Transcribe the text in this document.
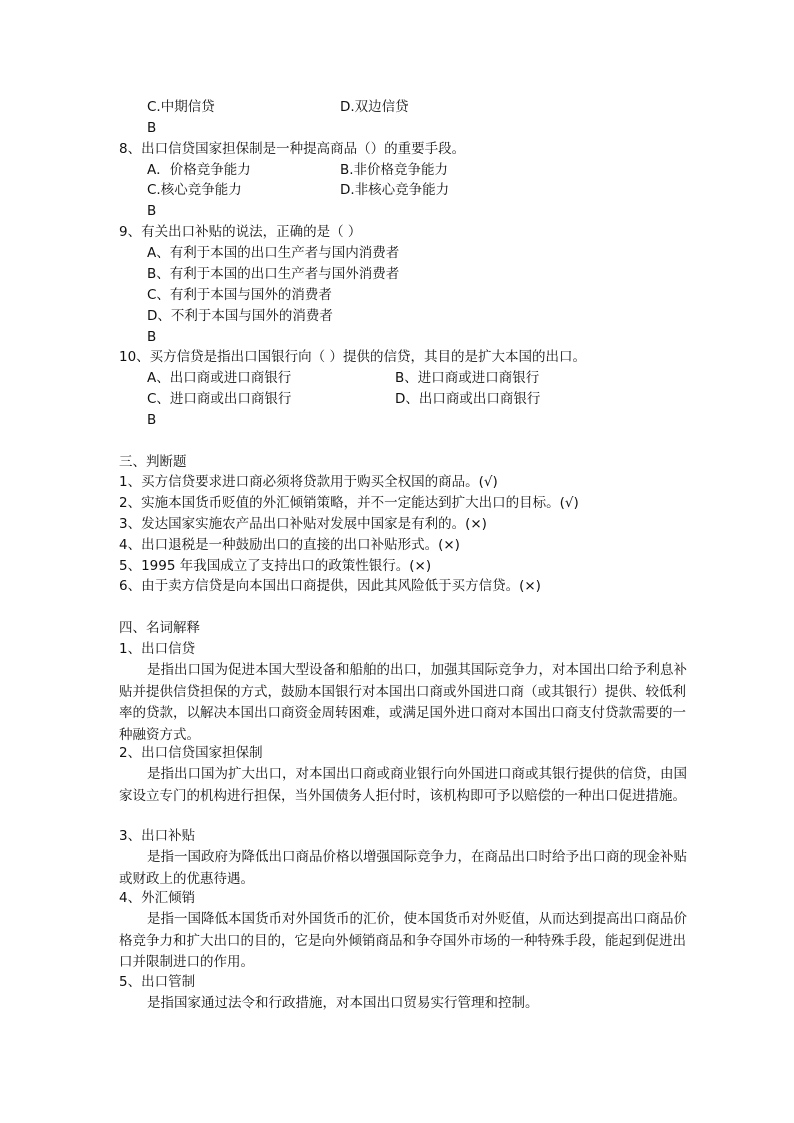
C.中期信贷	D.双边信贷
B
8、出口信贷国家担保制是一种提高商品（）的重要手段。
A．价格竞争能力	B.非价格竞争能力
C.核心竞争能力	D.非核心竞争能力
B
9、有关出口补贴的说法，正确的是（ ）
A、有利于本国的出口生产者与国内消费者
B、有利于本国的出口生产者与国外消费者
C、有利于本国与国外的消费者
D、不利于本国与国外的消费者
B
10、买方信贷是指出口国银行向（ ）提供的信贷，其目的是扩大本国的出口。
A、出口商或进口商银行	B、进口商或进口商银行
C、进口商或出口商银行	D、出口商或出口商银行
B
三、判断题
1、买方信贷要求进口商必须将贷款用于购买全权国的商品。(√)
2、实施本国货币贬值的外汇倾销策略，并不一定能达到扩大出口的目标。(√)
3、发达国家实施农产品出口补贴对发展中国家是有利的。(×)
4、出口退税是一种鼓励出口的直接的出口补贴形式。(×)
5、1995 年我国成立了支持出口的政策性银行。(×)
6、由于卖方信贷是向本国出口商提供，因此其风险低于买方信贷。(×)
四、名词解释
1、出口信贷
是指出口国为促进本国大型设备和船舶的出口，加强其国际竞争力，对本国出口给予利息补贴并提供信贷担保的方式，鼓励本国银行对本国出口商或外国进口商（或其银行）提供、较低利率的贷款，以解决本国出口商资金周转困难，或满足国外进口商对本国出口商支付贷款需要的一种融资方式。
2、出口信贷国家担保制
是指出口国为扩大出口，对本国出口商或商业银行向外国进口商或其银行提供的信贷，由国家设立专门的机构进行担保，当外国债务人拒付时，该机构即可予以赔偿的一种出口促进措施。
3、出口补贴
是指一国政府为降低出口商品价格以增强国际竞争力，在商品出口时给予出口商的现金补贴或财政上的优惠待遇。
4、外汇倾销
是指一国降低本国货币对外国货币的汇价，使本国货币对外贬值，从而达到提高出口商品价格竞争力和扩大出口的目的，它是向外倾销商品和争夺国外市场的一种特殊手段，能起到促进出口并限制进口的作用。
5、出口管制
是指国家通过法令和行政措施，对本国出口贸易实行管理和控制。
